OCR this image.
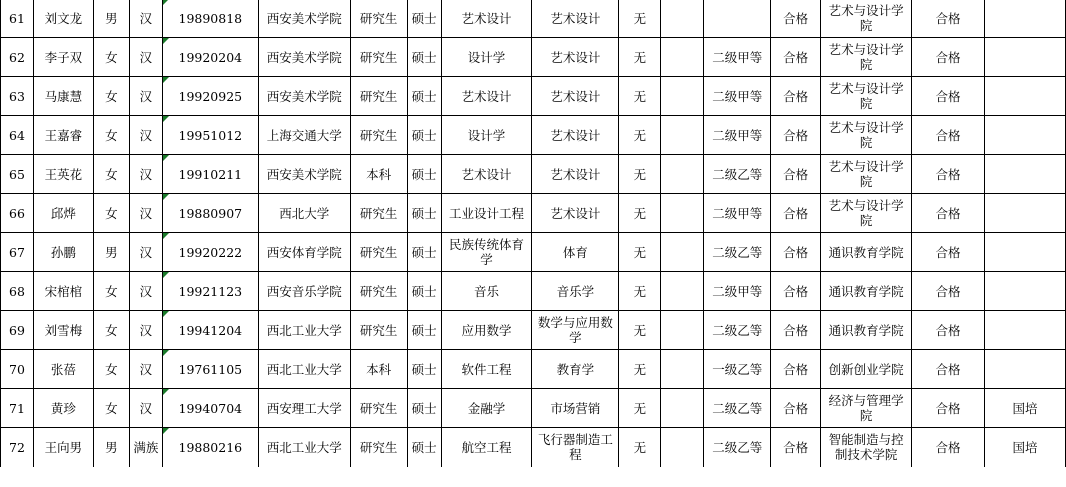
61	刘文龙	男	汉	19890818	西安美术学院	研究生	硕士	艺术设计	艺术设计	无			合格	艺术与设计学院	合格	
62	李子双	女	汉	19920204	西安美术学院	研究生	硕士	设计学	艺术设计	无		二级甲等	合格	艺术与设计学院	合格	
63	马康慧	女	汉	19920925	西安美术学院	研究生	硕士	艺术设计	艺术设计	无		二级甲等	合格	艺术与设计学院	合格	
64	王嘉睿	女	汉	19951012	上海交通大学	研究生	硕士	设计学	艺术设计	无		二级甲等	合格	艺术与设计学院	合格	
65	王英花	女	汉	19910211	西安美术学院	本科	硕士	艺术设计	艺术设计	无		二级乙等	合格	艺术与设计学院	合格	
66	邱烨	女	汉	19880907	西北大学	研究生	硕士	工业设计工程	艺术设计	无		二级甲等	合格	艺术与设计学院	合格	
67	孙鹏	男	汉	19920222	西安体育学院	研究生	硕士	民族传统体育学	体育	无		二级乙等	合格	通识教育学院	合格	
68	宋棺棺	女	汉	19921123	西安音乐学院	研究生	硕士	音乐	音乐学	无		二级甲等	合格	通识教育学院	合格	
69	刘雪梅	女	汉	19941204	西北工业大学	研究生	硕士	应用数学	数学与应用数学	无		二级乙等	合格	通识教育学院	合格	
70	张蓓	女	汉	19761105	西北工业大学	本科	硕士	软件工程	教育学	无		一级乙等	合格	创新创业学院	合格	
71	黄珍	女	汉	19940704	西安理工大学	研究生	硕士	金融学	市场营销	无		二级乙等	合格	经济与管理学院	合格	国培
72	王向男	男	满族	19880216	西北工业大学	研究生	硕士	航空工程	飞行器制造工程	无		二级乙等	合格	智能制造与控制技术学院	合格	国培
